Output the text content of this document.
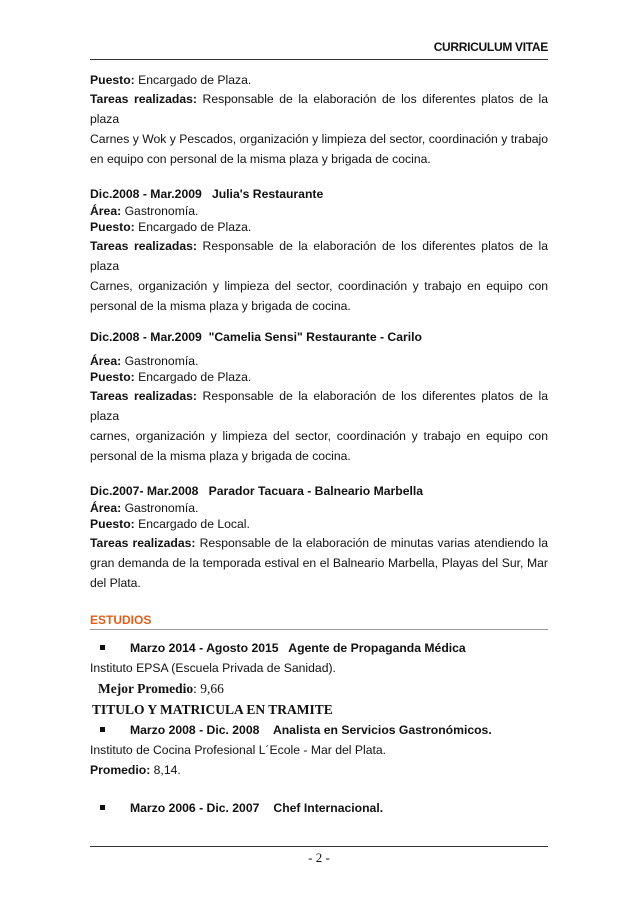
CURRICULUM VITAE

Puesto: Encargado de Plaza.

Tareas realizadas: Responsable de la elaboración de los diferentes platos de la plaza

Carnes y Wok y Pescados, organización y limpieza del sector, coordinación y trabajo

en equipo con personal de la misma plaza y brigada de cocina.

Dic.2008 - Mar.2009   Julia's Restaurante

Área: Gastronomía.

Puesto: Encargado de Plaza.

Tareas realizadas: Responsable de la elaboración de los diferentes platos de la plaza

Carnes, organización y limpieza del sector, coordinación y trabajo en equipo con

personal de la misma plaza y brigada de cocina.

Dic.2008 - Mar.2009  "Camelia Sensi" Restaurante - Carilo

Área: Gastronomía.

Puesto: Encargado de Plaza.

Tareas realizadas: Responsable de la elaboración de los diferentes platos de la plaza

carnes, organización y limpieza del sector, coordinación y trabajo en equipo con

personal de la misma plaza y brigada de cocina.

Dic.2007- Mar.2008   Parador Tacuara - Balneario Marbella

Área: Gastronomía.

Puesto: Encargado de Local.

Tareas realizadas: Responsable de la elaboración de minutas varias atendiendo la

gran demanda de la temporada estival en el Balneario Marbella, Playas del Sur, Mar

del Plata.

ESTUDIOS

Marzo 2014 - Agosto 2015 Agente de Propaganda Médica

Instituto EPSA (Escuela Privada de Sanidad).

Mejor Promedio: 9,66

TITULO Y MATRICULA EN TRAMITE

Marzo 2008 - Dic. 2008 Analista en Servicios Gastronómicos.

Instituto de Cocina Profesional L´Ecole - Mar del Plata.

Promedio: 8,14.

Marzo 2006 - Dic. 2007 Chef Internacional.

- 2 -
